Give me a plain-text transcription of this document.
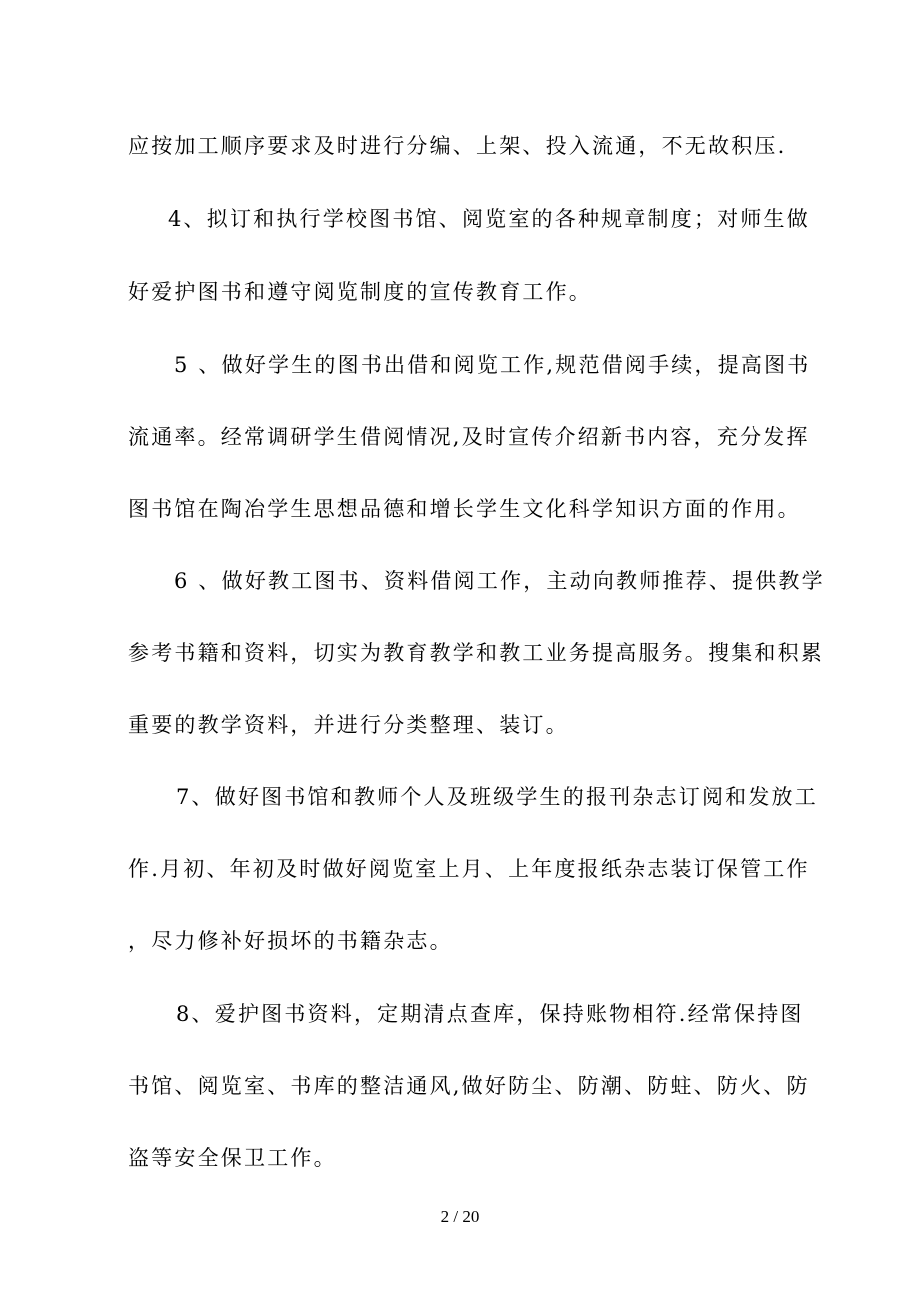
应按加工顺序要求及时进行分编、上架、投入流通，不无故积压.
4、拟订和执行学校图书馆、阅览室的各种规章制度；对师生做
好爱护图书和遵守阅览制度的宣传教育工作。
5 、做好学生的图书出借和阅览工作,规范借阅手续，提高图书
流通率。经常调研学生借阅情况,及时宣传介绍新书内容，充分发挥
图书馆在陶冶学生思想品德和增长学生文化科学知识方面的作用。
6 、做好教工图书、资料借阅工作，主动向教师推荐、提供教学
参考书籍和资料，切实为教育教学和教工业务提高服务。搜集和积累
重要的教学资料，并进行分类整理、装订。
7、做好图书馆和教师个人及班级学生的报刊杂志订阅和发放工
作.月初、年初及时做好阅览室上月、上年度报纸杂志装订保管工作
，尽力修补好损坏的书籍杂志。
8、爱护图书资料，定期清点查库，保持账物相符.经常保持图
书馆、阅览室、书库的整洁通风,做好防尘、防潮、防蛀、防火、防
盗等安全保卫工作。
2 / 20
